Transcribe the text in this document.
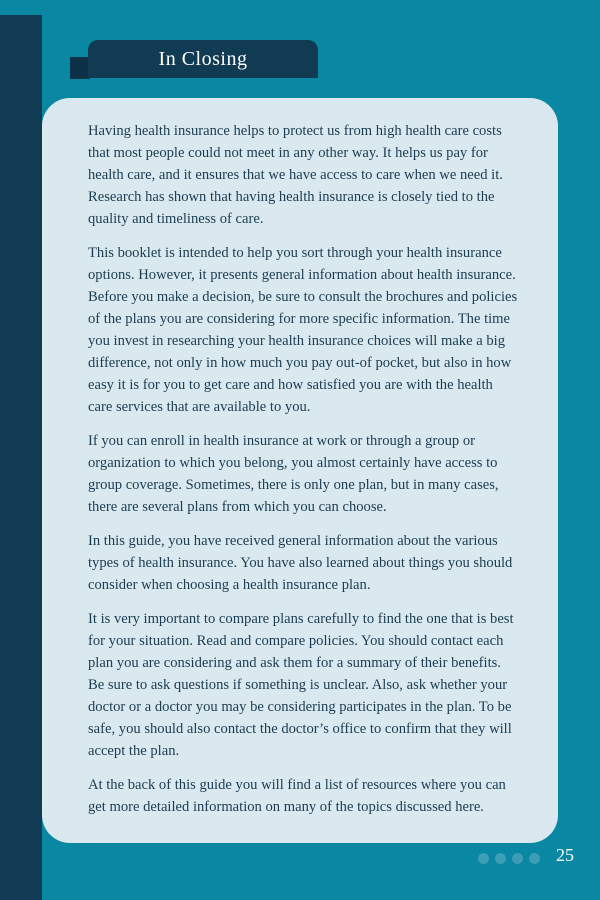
In Closing

Having health insurance helps to protect us from high health care costs that most people could not meet in any other way. It helps us pay for health care, and it ensures that we have access to care when we need it. Research has shown that having health insurance is closely tied to the quality and timeliness of care.

This booklet is intended to help you sort through your health insurance options. However, it presents general information about health insurance. Before you make a decision, be sure to consult the brochures and policies of the plans you are considering for more specific information. The time you invest in researching your health insurance choices will make a big difference, not only in how much you pay out-of pocket, but also in how easy it is for you to get care and how satisfied you are with the health care services that are available to you.

If you can enroll in health insurance at work or through a group or organization to which you belong, you almost certainly have access to group coverage. Sometimes, there is only one plan, but in many cases, there are several plans from which you can choose.

In this guide, you have received general information about the various types of health insurance. You have also learned about things you should consider when choosing a health insurance plan.

It is very important to compare plans carefully to find the one that is best for your situation. Read and compare policies. You should contact each plan you are considering and ask them for a summary of their benefits. Be sure to ask questions if something is unclear. Also, ask whether your doctor or a doctor you may be considering participates in the plan. To be safe, you should also contact the doctor’s office to confirm that they will accept the plan.

At the back of this guide you will find a list of resources where you can get more detailed information on many of the topics discussed here.

25
